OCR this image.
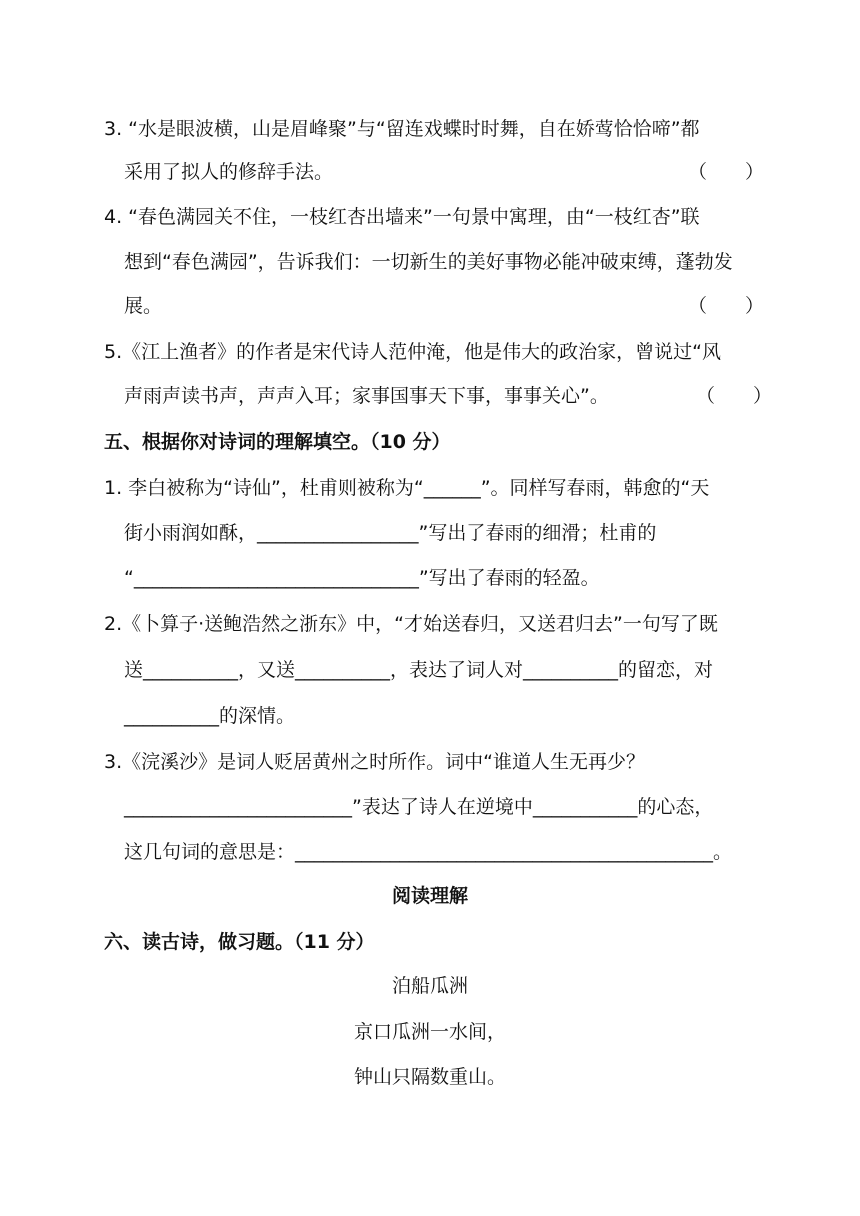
3. “水是眼波横，山是眉峰聚”与“留连戏蝶时时舞，自在娇莺恰恰啼”都
采用了拟人的修辞手法。	（　　）
4. “春色满园关不住，一枝红杏出墙来”一句景中寓理，由“一枝红杏”联
想到“春色满园”，告诉我们：一切新生的美好事物必能冲破束缚，蓬勃发
展。	（　　）
5.《江上渔者》的作者是宋代诗人范仲淹，他是伟大的政治家，曾说过“风
声雨声读书声，声声入耳；家事国事天下事，事事关心”。	（　　）
五、根据你对诗词的理解填空。（10 分）
1. 李白被称为“诗仙”，杜甫则被称为“______”。同样写春雨，韩愈的“天
街小雨润如酥，_________________”写出了春雨的细滑；杜甫的
“______________________________”写出了春雨的轻盈。
2.《卜算子·送鲍浩然之浙东》中，“才始送春归，又送君归去”一句写了既
送__________，又送__________，表达了词人对__________的留恋，对
__________的深情。
3.《浣溪沙》是词人贬居黄州之时所作。词中“谁道人生无再少？
________________________”表达了诗人在逆境中___________的心态，
这几句词的意思是：____________________________________________。
阅读理解
六、读古诗，做习题。（11 分）
泊船瓜洲
京口瓜洲一水间，
钟山只隔数重山。
